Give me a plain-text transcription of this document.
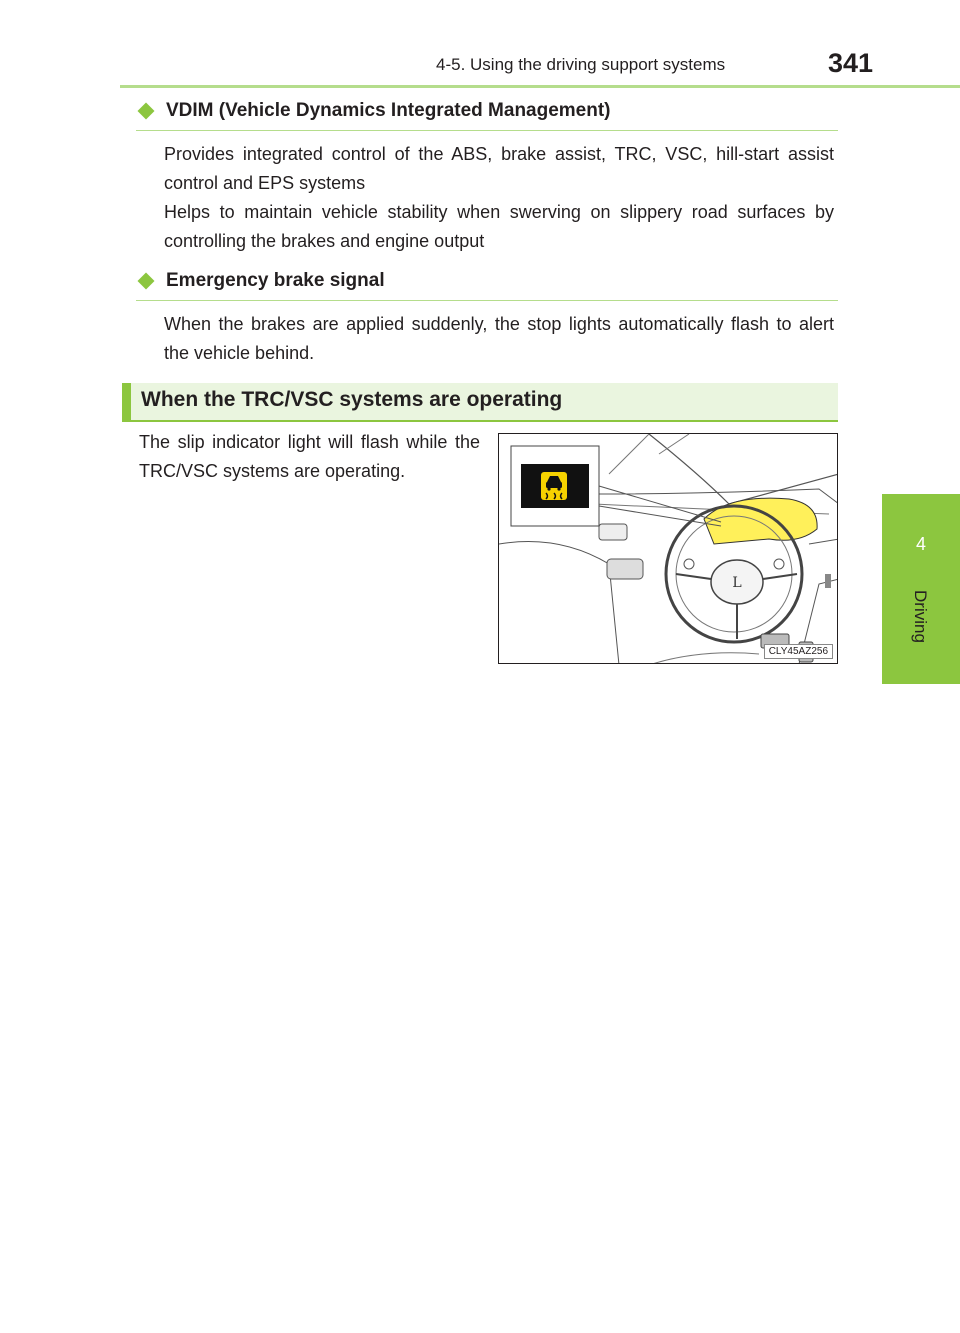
4-5. Using the driving support systems	341
4
Driving
VDIM (Vehicle Dynamics Integrated Management)

Provides integrated control of the ABS, brake assist, TRC, VSC, hill-start assist control and EPS systems

Helps to maintain vehicle stability when swerving on slippery road surfaces by controlling the brakes and engine output

Emergency brake signal

When the brakes are applied suddenly, the stop lights automatically flash to alert the vehicle behind.

When the TRC/VSC systems are operating

The slip indicator light will flash while the TRC/VSC systems are operating.

L
CLY45AZ256
